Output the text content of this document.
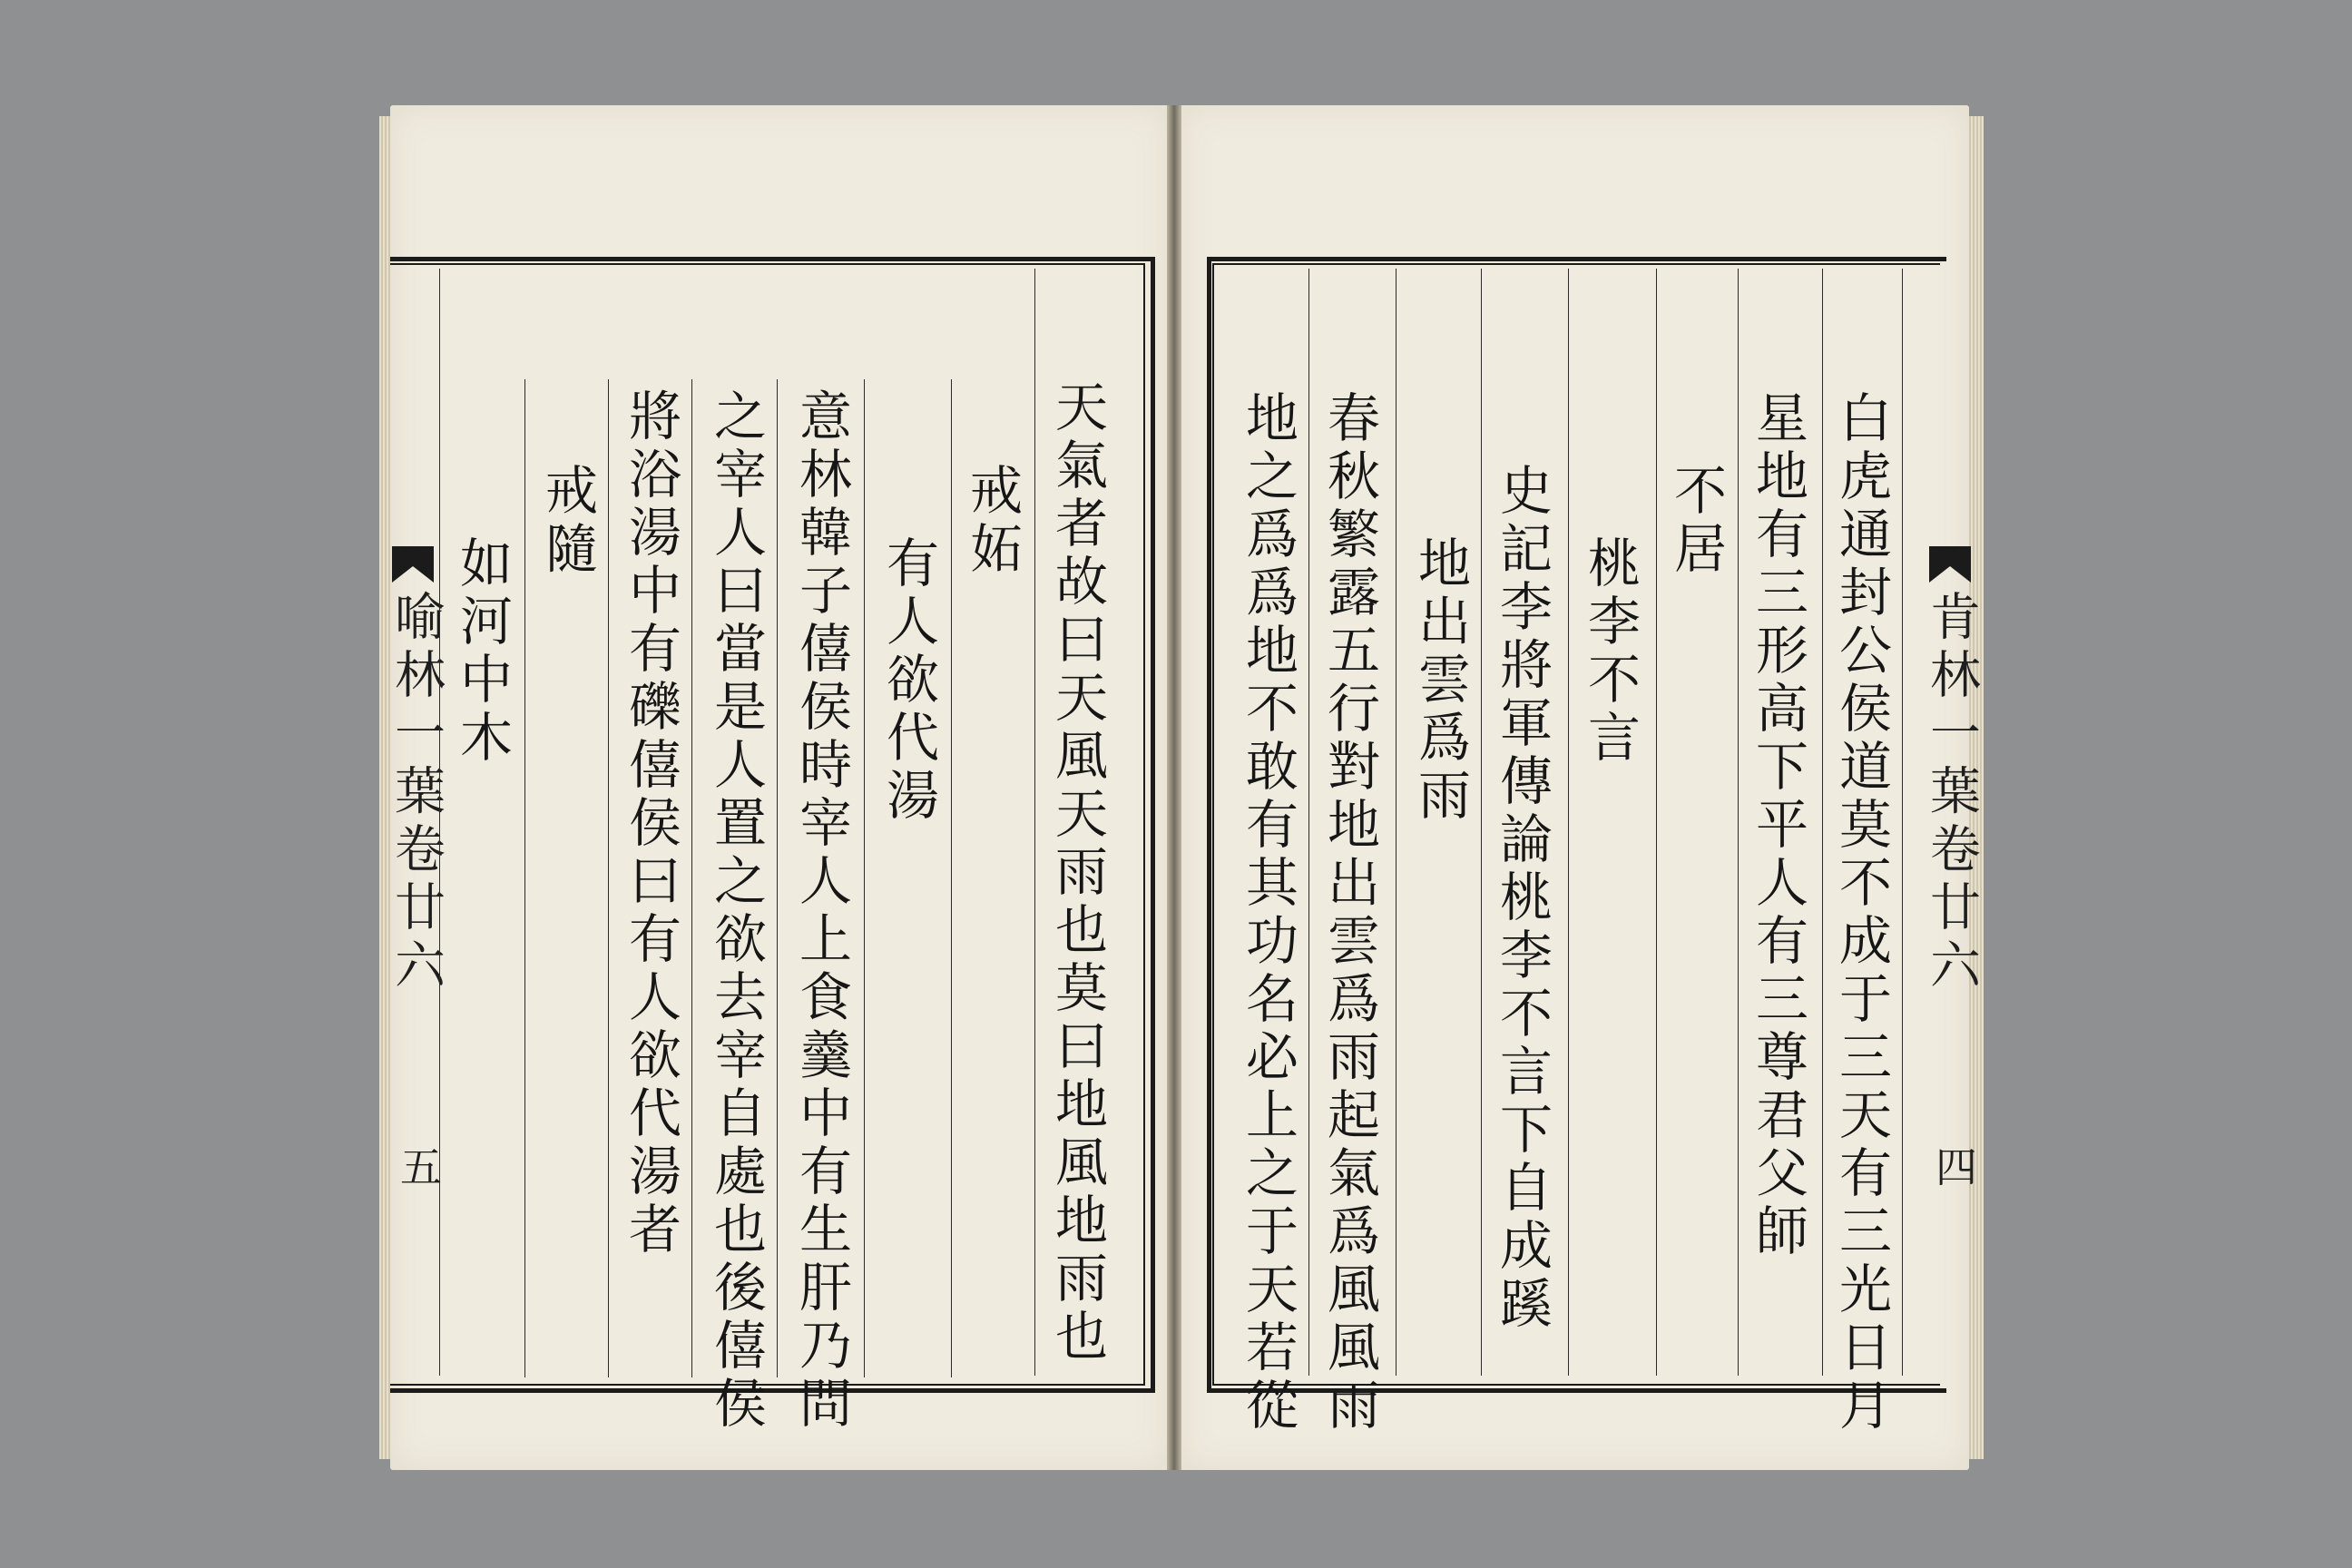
肯林一葉卷廿六
四
白虎通封公侯道莫不成于三天有三光日月
星地有三形高下平人有三尊君父師
不居
桃李不言
史記李將軍傳論桃李不言下自成蹊
地出雲爲雨
春秋繁露五行對地出雲爲雨起氣爲風風雨
地之爲爲地不敢有其功名必上之于天若從
喻林一葉卷廿六
五	天氣者故曰天風天雨也莫曰地風地雨也
戒妬
有人欲代湯
意林韓子僖侯時宰人上食羹中有生肝乃問
之宰人曰當是人置之欲去宰自處也後僖侯
將浴湯中有礫僖侯曰有人欲代湯者
戒隨
如河中木
